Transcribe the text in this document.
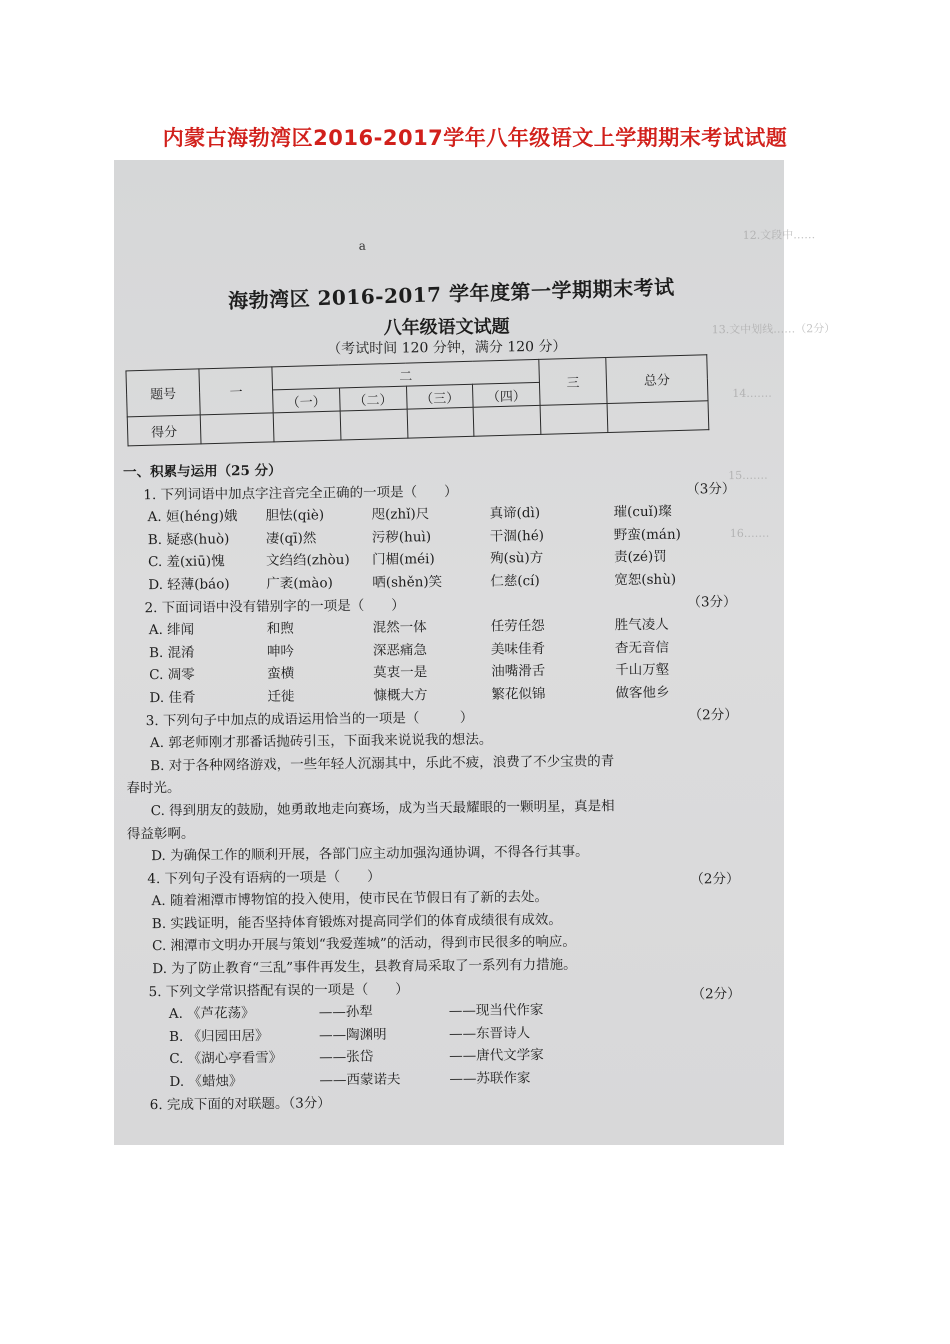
内蒙古海勃湾区2016-2017学年八年级语文上学期期末考试试题
12.文段中……
13.文中划线……（2分）
14.……
15.……
16.……
a
海勃湾区 2016-2017 学年度第一学期期末考试
八年级语文试题
（考试时间 120 分钟，满分 120 分）
题号	一	二				三	总分
		（一）	（二）	（三）	（四）		
得分							
一、积累与运用（25 分）
1. 下列词语中加点字注音完全正确的一项是（　　）	（3分）
A. 姮(héng)娥	胆怯(qiè)	咫(zhǐ)尺	真谛(dì)	璀(cuǐ)璨
B. 疑惑(huò)	凄(qī)然	污秽(huì)	干涸(hé)	野蛮(mán)
C. 羞(xiū)愧	文绉绉(zhòu)	门楣(méi)	殉(sù)方	责(zé)罚
D. 轻薄(báo)	广袤(mào)	哂(shěn)笑	仁慈(cí)	宽恕(shù)
2. 下面词语中没有错别字的一项是（　　）	（3分）
A. 绯闻	和煦	混然一体	任劳任怨	胜气凌人
B. 混淆	呻吟	深恶痛急	美味佳肴	杳无音信
C. 凋零	蛮横	莫衷一是	油嘴滑舌	千山万壑
D. 佳肴	迁徙	慷概大方	繁花似锦	做客他乡
3. 下列句子中加点的成语运用恰当的一项是（　　　）	（2分）
A. 郭老师刚才那番话抛砖引玉，下面我来说说我的想法。
B. 对于各种网络游戏，一些年轻人沉溺其中，乐此不疲，浪费了不少宝贵的青
春时光。
C. 得到朋友的鼓励，她勇敢地走向赛场，成为当天最耀眼的一颗明星，真是相
得益彰啊。
D. 为确保工作的顺利开展，各部门应主动加强沟通协调，不得各行其事。
4. 下列句子没有语病的一项是（　　）	（2分）
A. 随着湘潭市博物馆的投入使用，使市民在节假日有了新的去处。
B. 实践证明，能否坚持体育锻炼对提高同学们的体育成绩很有成效。
C. 湘潭市文明办开展与策划“我爱莲城”的活动，得到市民很多的响应。
D. 为了防止教育“三乱”事件再发生，县教育局采取了一系列有力措施。
5. 下列文学常识搭配有误的一项是（　　）	（2分）
A. 《芦花荡》	——孙犁	——现当代作家
B. 《归园田居》	——陶渊明	——东晋诗人
C. 《湖心亭看雪》	——张岱	——唐代文学家
D. 《蜡烛》	——西蒙诺夫	——苏联作家
6. 完成下面的对联题。（3分）
